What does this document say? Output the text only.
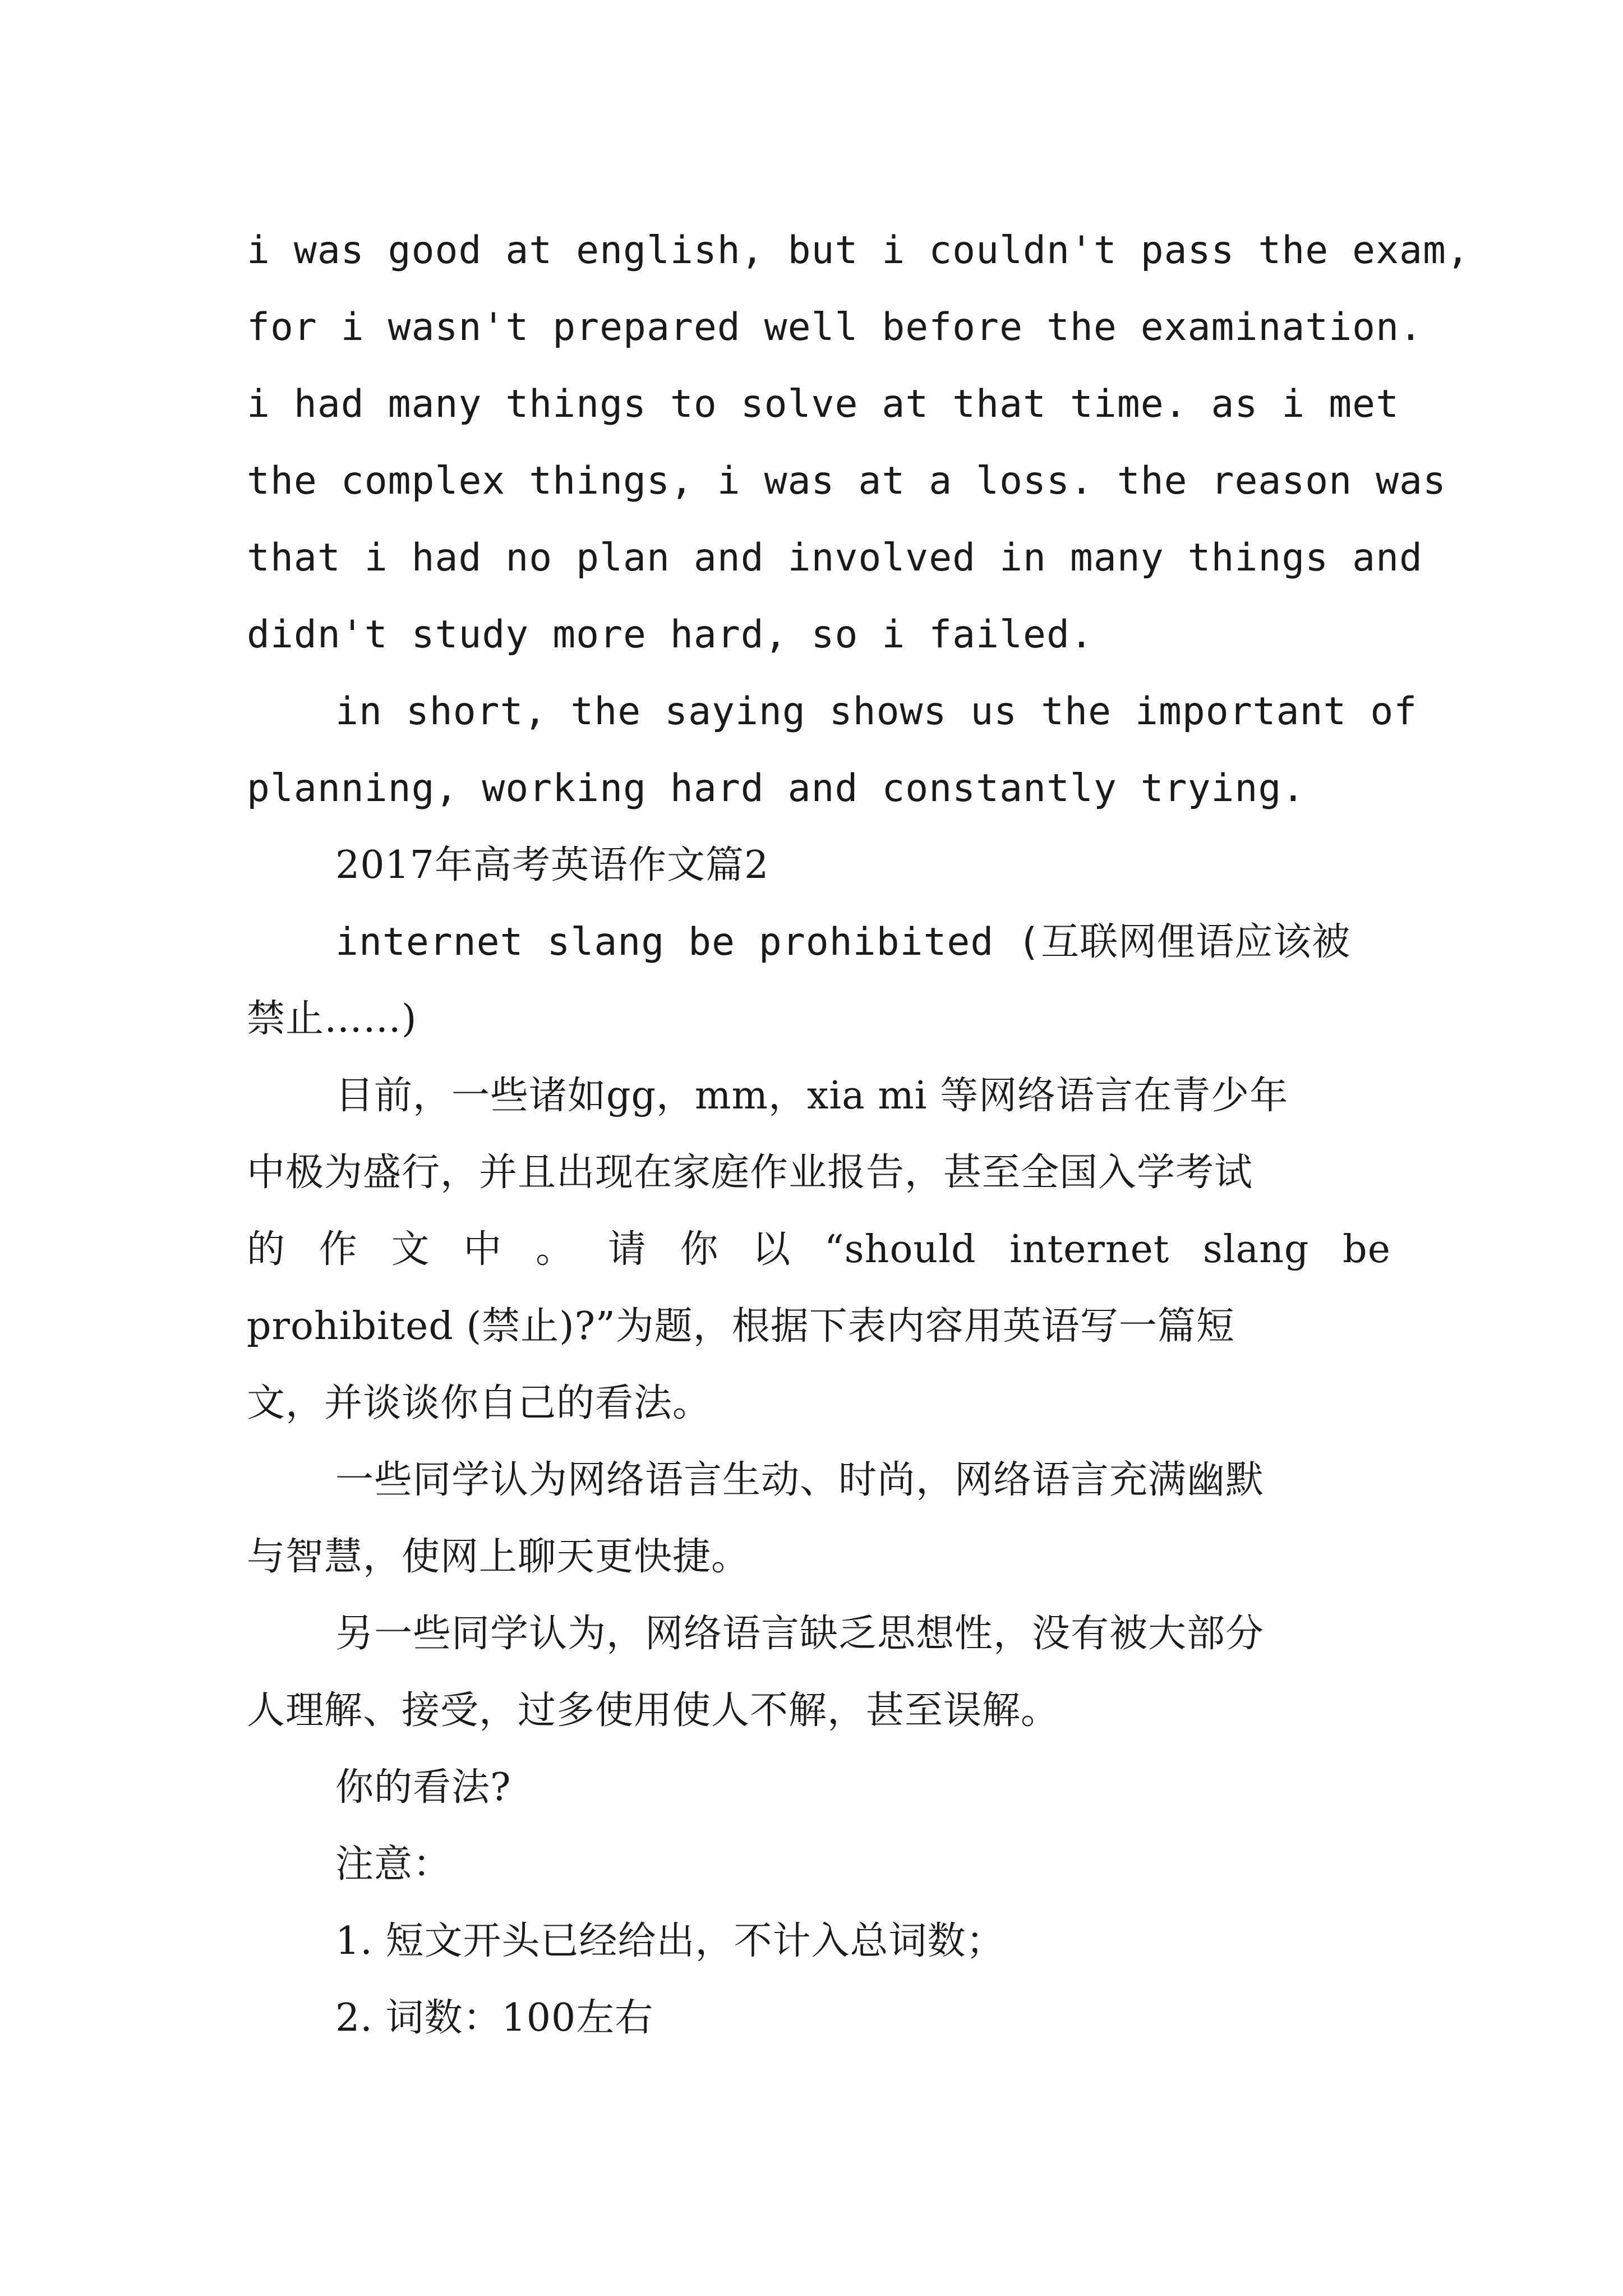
i was good at english, but i couldn't pass the exam,
for i wasn't prepared well before the examination.
i had many things to solve at that time. as i met
the complex things, i was at a loss. the reason was
that i had no plan and involved in many things and
didn't study more hard, so i failed.
in short, the saying shows us the important of
planning, working hard and constantly trying.
2017年高考英语作文篇2
internet slang be prohibited (互联网俚语应该被
禁止……)
目前，一些诸如gg，mm，xia mi 等网络语言在青少年
中极为盛行，并且出现在家庭作业报告，甚至全国入学考试
的 作 文 中 。 请 你 以 “should internet slang be
prohibited (禁止)?”为题，根据下表内容用英语写一篇短
文，并谈谈你自己的看法。
一些同学认为网络语言生动、时尚，网络语言充满幽默
与智慧，使网上聊天更快捷。
另一些同学认为，网络语言缺乏思想性，没有被大部分
人理解、接受，过多使用使人不解，甚至误解。
你的看法?
注意：
1. 短文开头已经给出，不计入总词数；
2. 词数：100左右
